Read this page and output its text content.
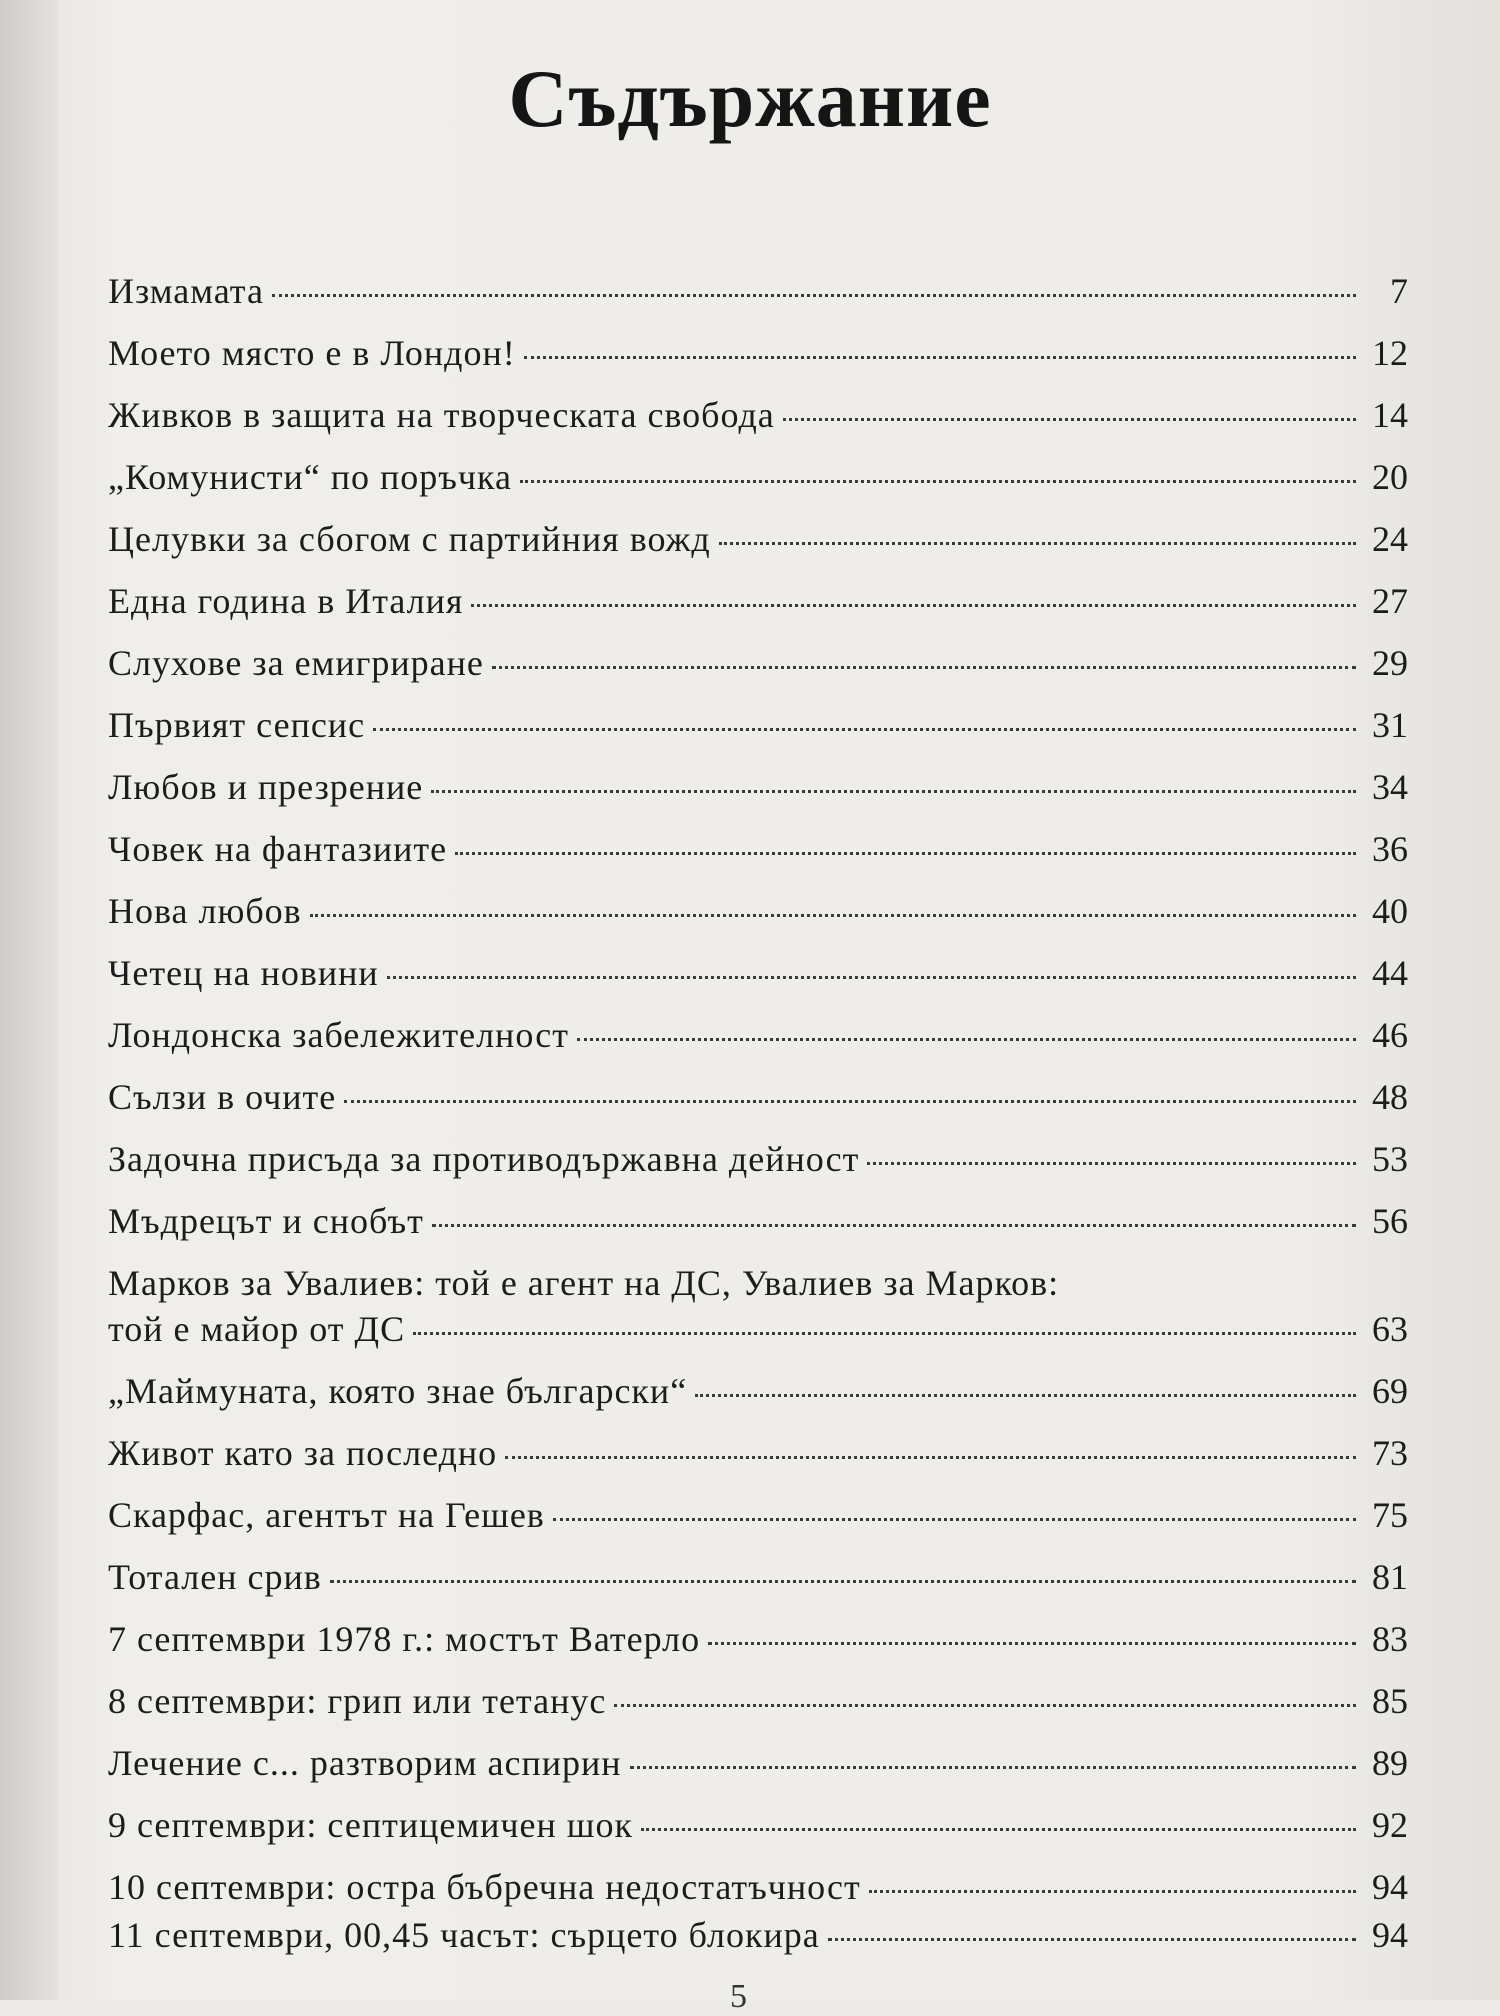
Съдържание
Измамата	7
Моето място е в Лондон!	12
Живков в защита на творческата свобода	14
„Комунисти“ по поръчка	20
Целувки за сбогом с партийния вожд	24
Една година в Италия	27
Слухове за емигриране	29
Първият сепсис	31
Любов и презрение	34
Човек на фантазиите	36
Нова любов	40
Четец на новини	44
Лондонска забележителност	46
Сълзи в очите	48
Задочна присъда за противодържавна дейност	53
Мъдрецът и снобът	56
Марков за Увалиев: той е агент на ДС, Увалиев за Марков:
той е майор от ДС	63
„Маймуната, която знае български“	69
Живот като за последно	73
Скарфас, агентът на Гешев	75
Тотален срив	81
7 септември 1978 г.: мостът Ватерло	83
8 септември: грип или тетанус	85
Лечение с... разтворим аспирин	89
9 септември: септицемичен шок	92
10 септември: остра бъбречна недостатъчност	94
11 септември, 00,45 часът: сърцето блокира	94
5
